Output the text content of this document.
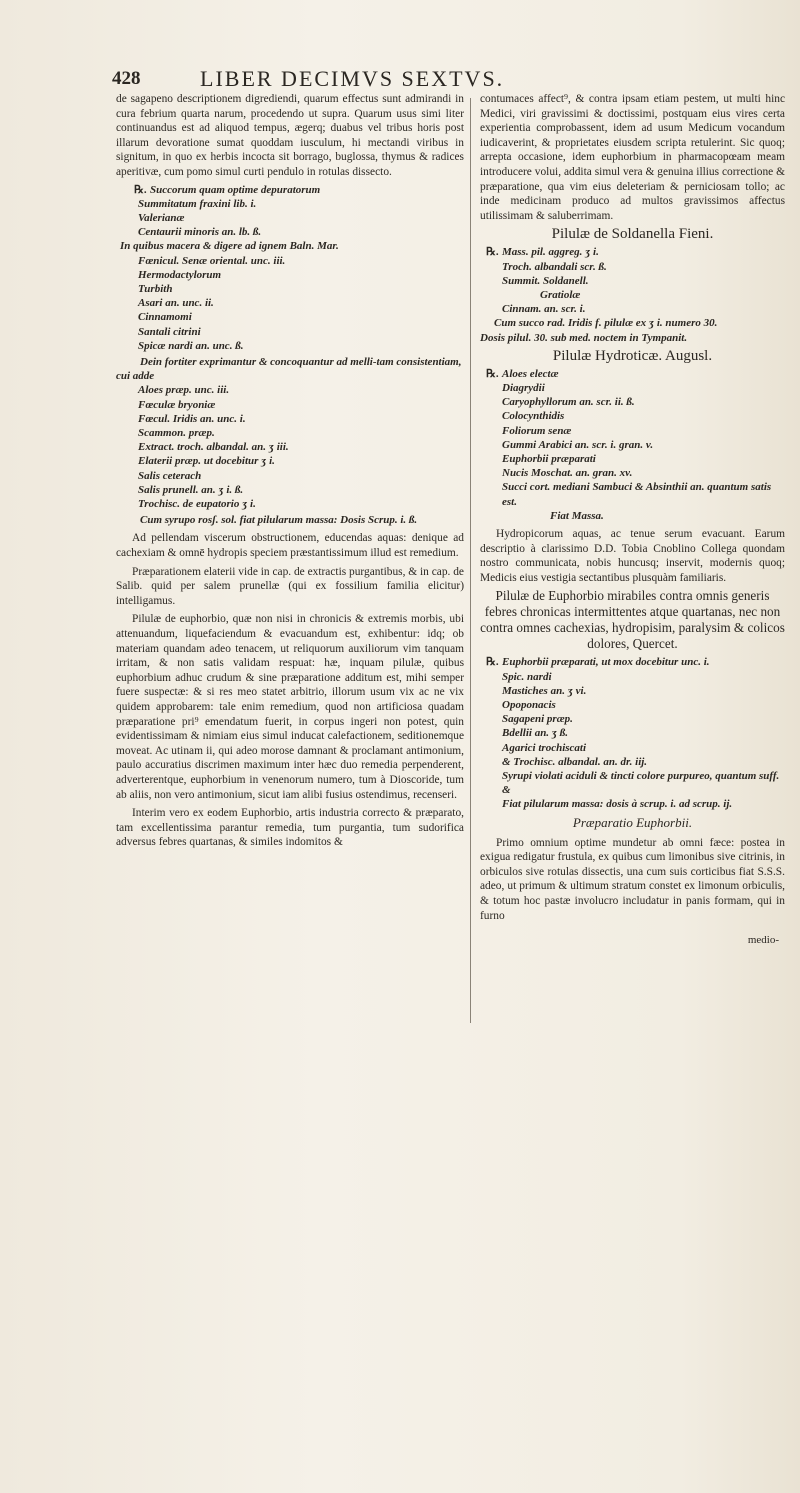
428	LIBER DECIMVS SEXTVS.

de sagapeno descriptionem digrediendi, quarum effectus sunt admirandi in cura febrium quarta narum, procedendo ut supra. Quarum usus simi liter continuandus est ad aliquod tempus, ægerq; duabus vel tribus horis post illarum devoratione sumat quoddam iusculum, hi mectandi viribus in signitum, in quo ex herbis incocta sit borrago, buglossa, thymus & radices aperitivæ, cum pomo simul curti pendulo in rotulas dissecto.

℞. Succorum quam optime depuratorum

Summitatum fraxini lib. i.

Valerianæ

Centaurii minoris an. lb. ß.

In quibus macera & digere ad ignem Baln. Mar.

Fœnicul. Senæ oriental. unc. iii.

Hermodactylorum

Turbith

Asari an. unc. ii.

Cinnamomi

Santali citrini

Spicæ nardi an. unc. ß.

Dein fortiter exprimantur & concoquantur ad melli-tam consistentiam, cui adde

Aloes præp. unc. iii.

Fœculæ bryoniæ

Fœcul. Iridis an. unc. i.

Scammon. præp.

Extract. troch. albandal. an. ʒ iii.

Elaterii præp. ut docebitur ʒ i.

Salis ceterach

Salis prunell. an. ʒ i. ß.

Trochisc. de eupatorio ʒ i.

Cum syrupo rosʃ. sol. fiat pilularum massa: Dosis Scrup. i. ß.

Ad pellendam viscerum obstructionem, educendas aquas: denique ad cachexiam & omnē hydropis speciem præstantissimum illud est remedium.

Præparationem elaterii vide in cap. de extractis purgantibus, & in cap. de Salib. quid per salem prunellæ (qui ex fossilium familia elicitur) intelligamus.

Pilulæ de euphorbio, quæ non nisi in chronicis & extremis morbis, ubi attenuandum, liquefaciendum & evacuandum est, exhibentur: idq; ob materiam quandam adeo tenacem, ut reliquorum auxiliorum vim tanquam irritam, & non satis validam respuat: hæ, inquam pilulæ, quibus euphorbium adhuc crudum & sine præparatione additum est, mihi semper fuere suspectæ: & si res meo statet arbitrio, illorum usum vix ac ne vix quidem approbarem: tale enim remedium, quod non artificiosa quadam præparatione pri⁹ emendatum fuerit, in corpus ingeri non potest, quin evidentissimam & nimiam eius simul inducat calefactionem, seditionemque moveat. Ac utinam ii, qui adeo morose damnant & proclamant antimonium, paulo accuratius discrimen maximum inter hæc duo remedia perpenderent, adverterentque, euphorbium in venenorum numero, tum à Dioscoride, tum ab aliis, non vero antimonium, sicut iam alibi fusius ostendimus, recenseri.

Interim vero ex eodem Euphorbio, artis industria correcto & præparato, tam excellentissima parantur remedia, tum purgantia, tum sudorifica adversus febres quartanas, & similes indomitos &

contumaces affect⁹, & contra ipsam etiam pestem, ut multi hinc Medici, viri gravissimi & doctissimi, postquam eius vires certa experientia comprobassent, idem ad usum Medicum vocandum iudicaverint, & proprietates eiusdem scripta retulerint. Sic quoq; arrepta occasione, idem euphorbium in pharmacopœam meam introducere volui, addita simul vera & genuina illius correctione & præparatione, qua vim eius deleteriam & perniciosam tollo; ac inde medicinam produco ad multos gravissimos affectus utilissimam & saluberrimam.

Pilulæ de Soldanella Fieni.

℞. Mass. pil. aggreg. ʒ i.

Troch. albandali scr. ß.

Summit. Soldanell.

Gratiolæ

Cinnam. an. scr. i.

Cum succo rad. Iridis f. pilulæ ex ʒ i. numero 30.

Dosis pilul. 30. sub med. noctem in Tympanit.

Pilulæ Hydroticæ. Augusl.

℞. Aloes electæ

Diagrydii

Caryophyllorum an. scr. ii. ß.

Colocynthidis

Foliorum senæ

Gummi Arabici an. scr. i. gran. v.

Euphorbii præparati

Nucis Moschat. an. gran. xv.

Succi cort. mediani Sambuci & Absinthii an. quantum satis est.

Fiat Massa.

Hydropicorum aquas, ac tenue serum evacuant. Earum descriptio à clarissimo D.D. Tobia Cnoblino Collega quondam nostro communicata, nobis huncusq; inservit, modernis quoq; Medicis eius vestigia sectantibus plusquàm familiaris.

Pilulæ de Euphorbio mirabiles contra omnis generis febres chronicas intermittentes atque quartanas, nec non contra omnes cachexias, hydropisim, paralysim & colicos dolores, Quercet.

℞. Euphorbii præparati, ut mox docebitur unc. i.

Spic. nardi

Mastiches an. ʒ vi.

Opoponacis

Sagapeni præp.

Bdellii an. ʒ ß.

Agarici trochiscati

& Trochisc. albandal. an. dr. iij.

Syrupi violati aciduli & tincti colore purpureo, quantum suff. &

Fiat pilularum massa: dosis à scrup. i. ad scrup. ij.

Præparatio Euphorbii.

Primo omnium optime mundetur ab omni fæce: postea in exigua redigatur frustula, ex quibus cum limonibus sive citrinis, in orbiculos sive rotulas dissectis, una cum suis corticibus fiat S.S.S. adeo, ut primum & ultimum stratum constet ex limonum orbiculis, & totum hoc pastæ involucro includatur in panis formam, qui in furno

medio-
